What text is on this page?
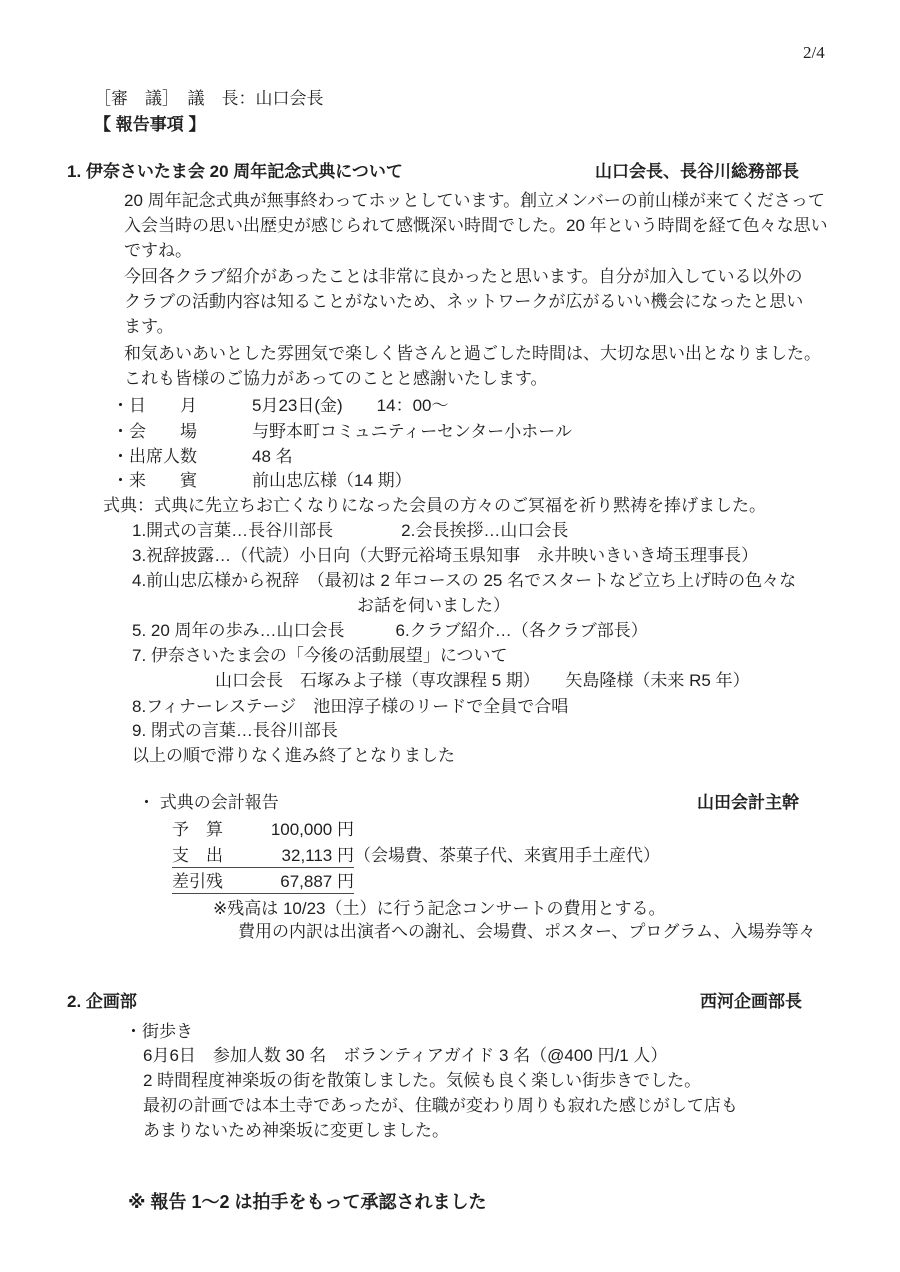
2/4
［審　議］　議　長：山口会長
【 報告事項 】
1. 伊奈さいたま会 20 周年記念式典について	山口会長、長谷川総務部長
20 周年記念式典が無事終わってホッとしています。創立メンバーの前山様が来てくださって
入会当時の思い出歴史が感じられて感慨深い時間でした。20 年という時間を経て色々な思い
ですね。
今回各クラブ紹介があったことは非常に良かったと思います。自分が加入している以外の
クラブの活動内容は知ることがないため、ネットワークが広がるいい機会になったと思い
ます。
和気あいあいとした雰囲気で楽しく皆さんと過ごした時間は、大切な思い出となりました。
これも皆様のご協力があってのことと感謝いたします。
・日　　月	5月23日(金)　　14：00～
・会　　場	与野本町コミュニティーセンター小ホール
・出席人数	48 名
・来　　賓	前山忠広様（14 期）
式典：式典に先立ちお亡くなりになった会員の方々のご冥福を祈り黙祷を捧げました。
1.開式の言葉…長谷川部長　　　　2.会長挨拶…山口会長
3.祝辞披露…（代読）小日向（大野元裕埼玉県知事　永井映いきいき埼玉理事長）
4.前山忠広様から祝辞　（最初は 2 年コースの 25 名でスタートなど立ち上げ時の色々な
お話を伺いました）
5. 20 周年の歩み…山口会長　　　6.クラブ紹介…（各クラブ部長）
7. 伊奈さいたま会の「今後の活動展望」について
山口会長　石塚みよ子様（専攻課程 5 期）　　矢島隆様（未来 R5 年）
8.フィナーレステージ　池田淳子様のリードで全員で合唱
9. 閉式の言葉…長谷川部長
以上の順で滞りなく進み終了となりました
・ 式典の会計報告	山田会計主幹
予　算	100,000 円
支　出	32,113 円（会場費、茶菓子代、来賓用手土産代）
差引残	67,887 円
※残高は 10/23（土）に行う記念コンサートの費用とする。
費用の内訳は出演者への謝礼、会場費、ポスター、プログラム、入場券等々
2. 企画部	西河企画部長
・街歩き
6月6日　参加人数 30 名　ボランティアガイド 3 名（@400 円/1 人）
2 時間程度神楽坂の街を散策しました。気候も良く楽しい街歩きでした。
最初の計画では本土寺であったが、住職が変わり周りも寂れた感じがして店も
あまりないため神楽坂に変更しました。
※ 報告 1～2 は拍手をもって承認されました
